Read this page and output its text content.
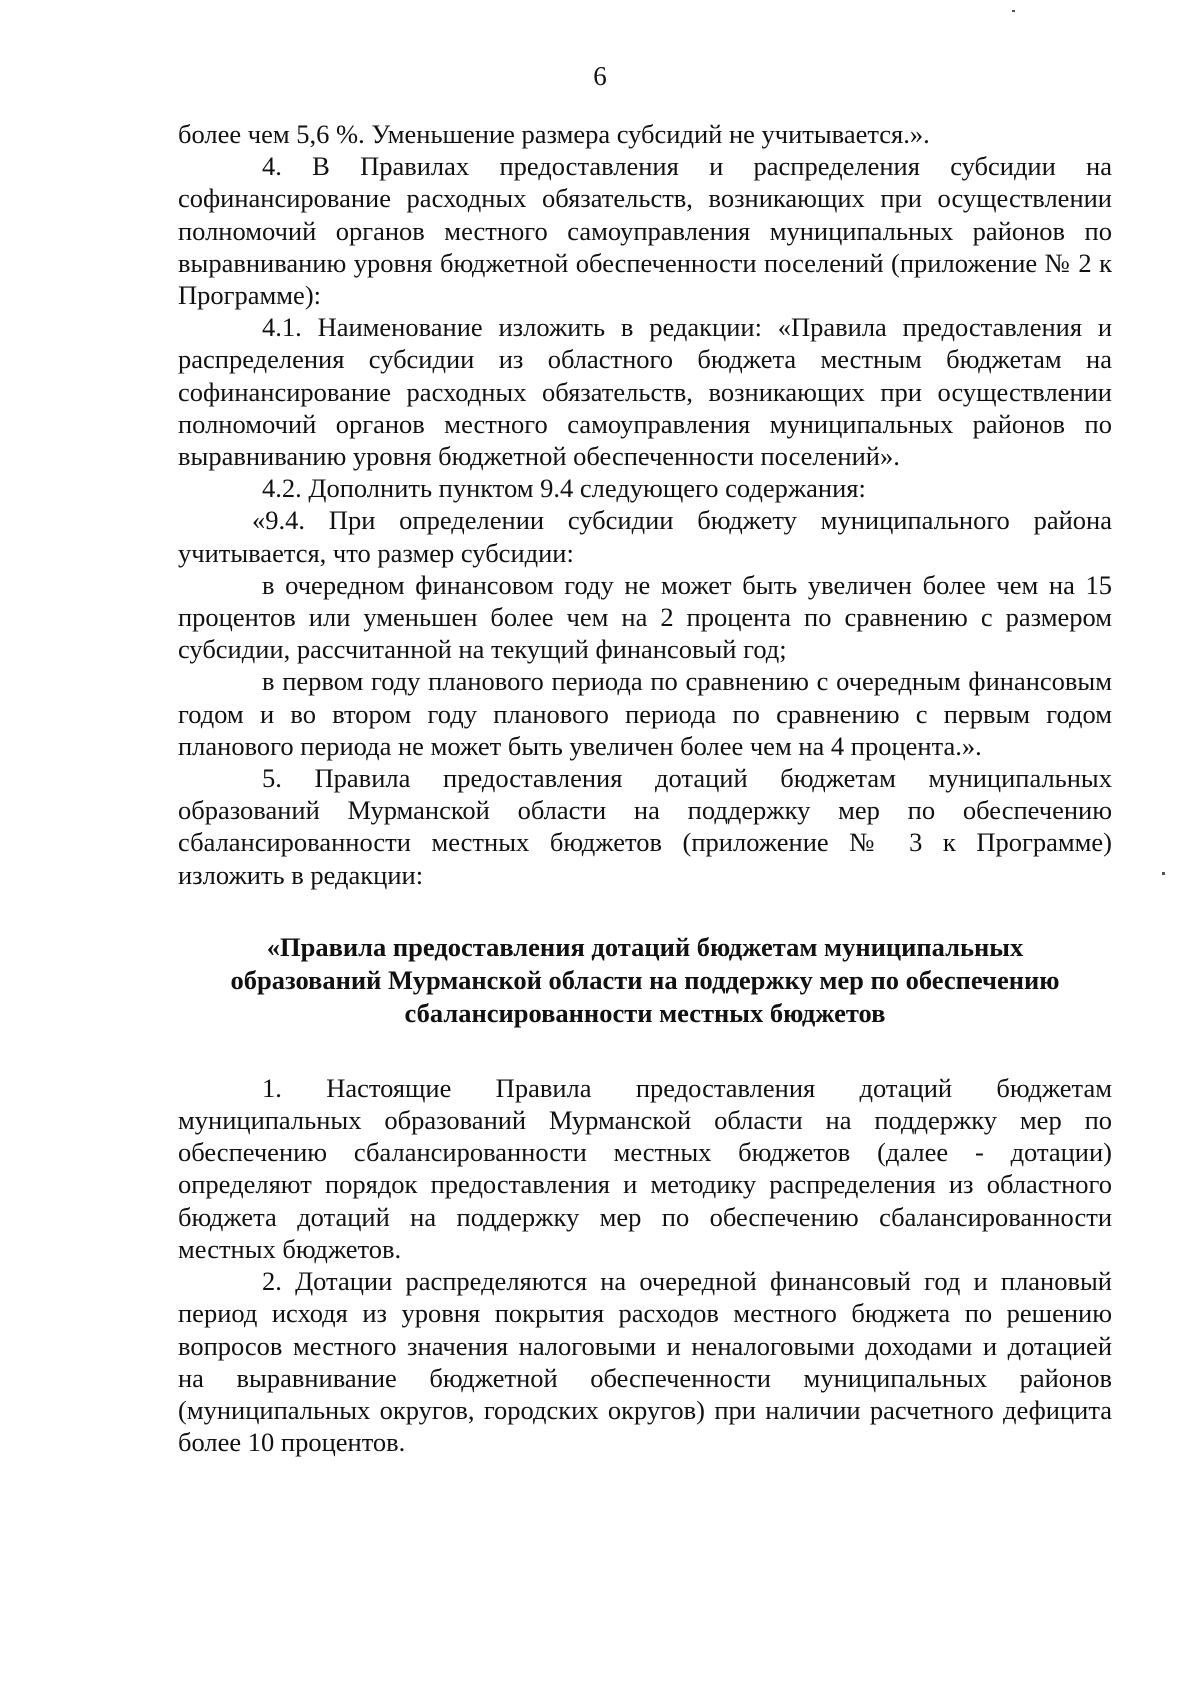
6

более чем 5,6 %. Уменьшение размера субсидий не учитывается.».

4. В Правилах предоставления и распределения субсидии на софинансирование расходных обязательств, возникающих при осуществлении полномочий органов местного самоуправления муниципальных районов по выравниванию уровня бюджетной обеспеченности поселений (приложение № 2 к Программе):

4.1. Наименование изложить в редакции: «Правила предоставления и распределения субсидии из областного бюджета местным бюджетам на софинансирование расходных обязательств, возникающих при осуществлении полномочий органов местного самоуправления муниципальных районов по выравниванию уровня бюджетной обеспеченности поселений».

4.2. Дополнить пунктом 9.4 следующего содержания:

«9.4. При определении субсидии бюджету муниципального района учитывается, что размер субсидии:

в очередном финансовом году не может быть увеличен более чем на 15 процентов или уменьшен более чем на 2 процента по сравнению с размером субсидии, рассчитанной на текущий финансовый год;

в первом году планового периода по сравнению с очередным финансовым годом и во втором году планового периода по сравнению с первым годом планового периода не может быть увеличен более чем на 4 процента.».

5. Правила предоставления дотаций бюджетам муниципальных образований Мурманской области на поддержку мер по обеспечению сбалансированности местных бюджетов (приложение № 3 к Программе) изложить в редакции:

«Правила предоставления дотаций бюджетам муниципальных
образований Мурманской области на поддержку мер по обеспечению
сбалансированности местных бюджетов

1. Настоящие Правила предоставления дотаций бюджетам муниципальных образований Мурманской области на поддержку мер по обеспечению сбалансированности местных бюджетов (далее - дотации) определяют порядок предоставления и методику распределения из областного бюджета дотаций на поддержку мер по обеспечению сбалансированности местных бюджетов.

2. Дотации распределяются на очередной финансовый год и плановый период исходя из уровня покрытия расходов местного бюджета по решению вопросов местного значения налоговыми и неналоговыми доходами и дотацией на выравнивание бюджетной обеспеченности муниципальных районов (муниципальных округов, городских округов) при наличии расчетного дефицита более 10 процентов.
